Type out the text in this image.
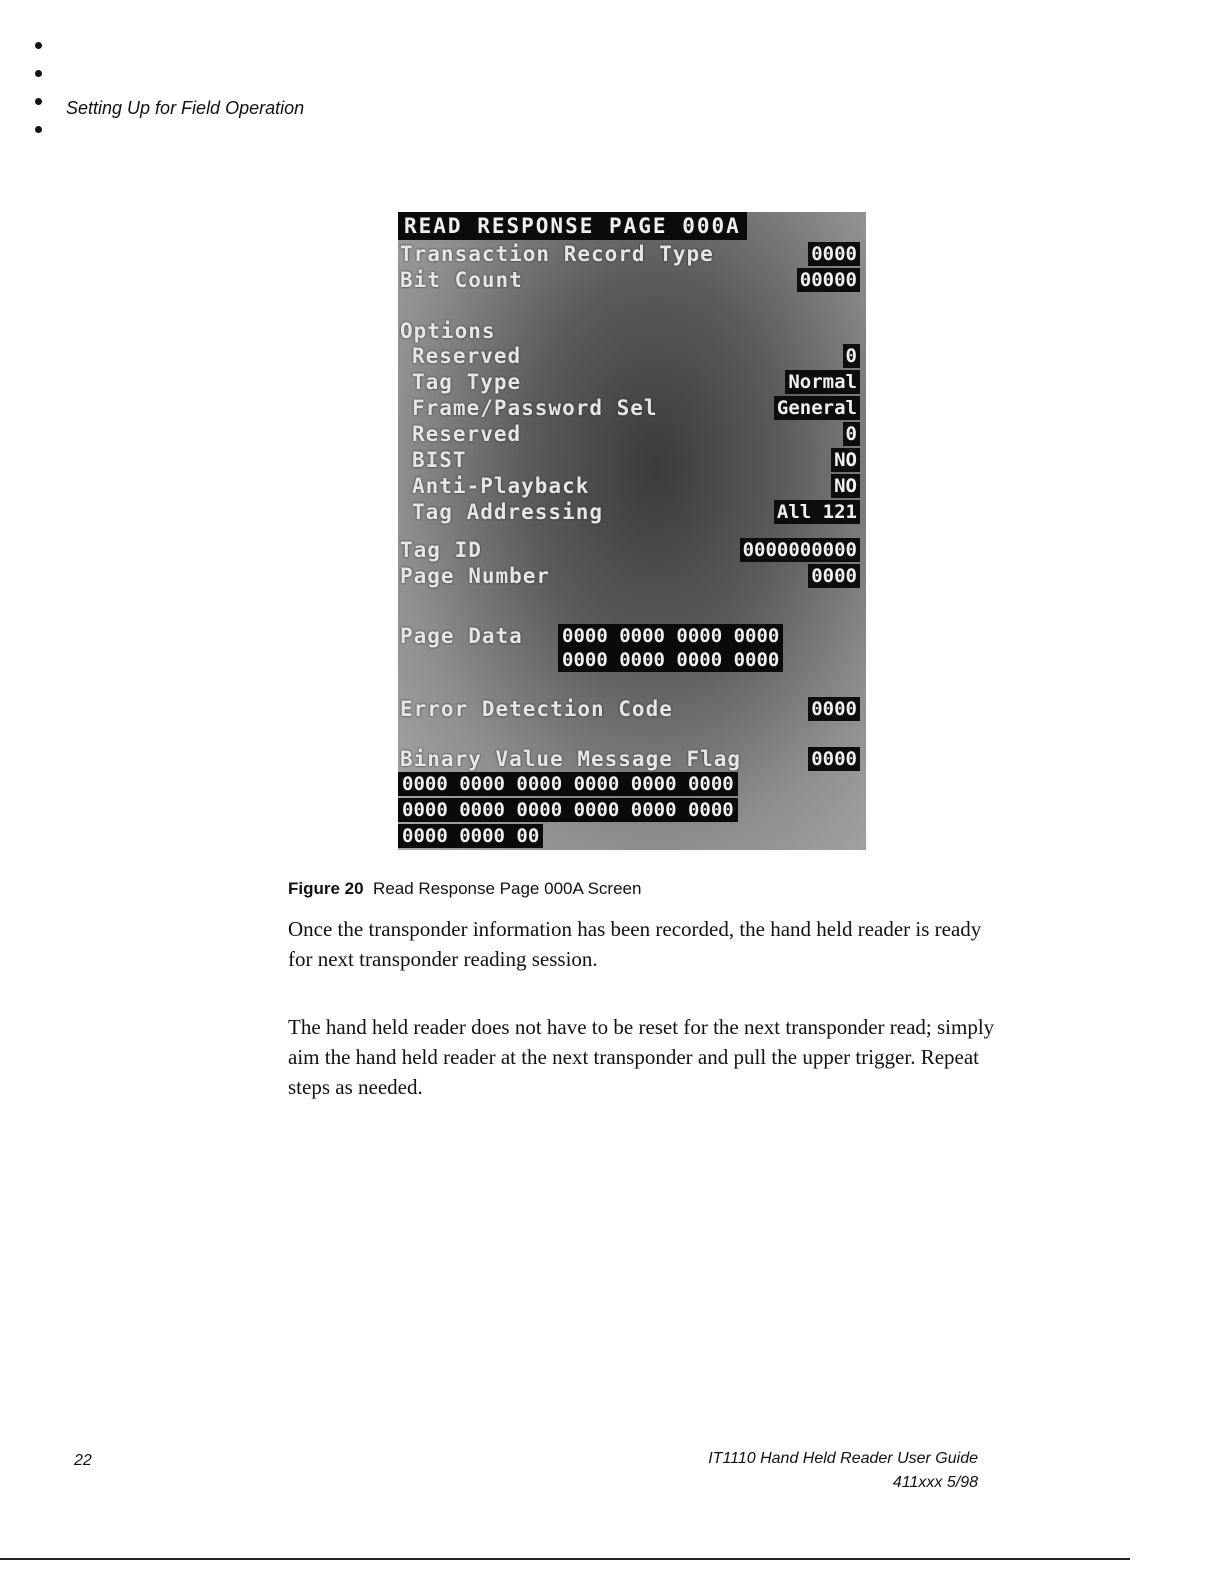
Setting Up for Field Operation
READ RESPONSE PAGE 000A
Transaction Record Type	0000
Bit Count	00000
Options
Reserved	0
Tag Type	Normal
Frame/Password Sel	General
Reserved	0
BIST	NO
Anti-Playback	NO
Tag Addressing	All 121
Tag ID	0000000000
Page Number	0000
Page Data 0000 0000 0000 0000
0000 0000 0000 0000
Error Detection Code	0000
Binary Value Message Flag	0000
0000 0000 0000 0000 0000 0000
0000 0000 0000 0000 0000 0000
0000 0000 00
Figure 20 Read Response Page 000A Screen

Once the transponder information has been recorded, the hand held reader is ready for next transponder reading session.

The hand held reader does not have to be reset for the next transponder read; simply aim the hand held reader at the next transponder and pull the upper trigger. Repeat steps as needed.

22	IT1110 Hand Held Reader User Guide
411xxx 5/98
